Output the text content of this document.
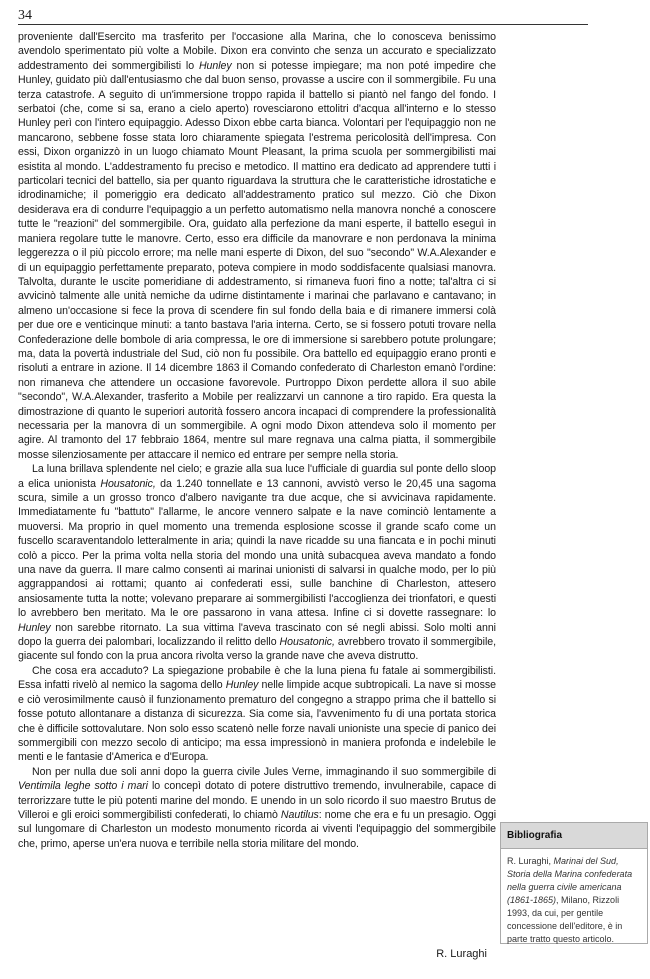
34

proveniente dall'Esercito ma trasferito per l'occasione alla Marina, che lo conosceva benissimo avendolo sperimentato più volte a Mobile. Dixon era convinto che senza un accurato e specializzato addestramento dei sommergibilisti lo Hunley non si potesse impiegare; ma non poté impedire che Hunley, guidato più dall'entusiasmo che dal buon senso, provasse a uscire con il sommergibile. Fu una terza catastrofe. A seguito di un'immersione troppo rapida il battello si piantò nel fango del fondo. I serbatoi (che, come si sa, erano a cielo aperto) rovesciarono ettolitri d'acqua all'interno e lo stesso Hunley perì con l'intero equipaggio. Adesso Dixon ebbe carta bianca. Volontari per l'equipaggio non ne mancarono, sebbene fosse stata loro chiaramente spiegata l'estrema pericolosità dell'impresa. Con essi, Dixon organizzò in un luogo chiamato Mount Pleasant, la prima scuola per sommergibilisti mai esistita al mondo. L'addestramento fu preciso e metodico. Il mattino era dedicato ad apprendere tutti i particolari tecnici del battello, sia per quanto riguardava la struttura che le caratteristiche idrostatiche e idrodinamiche; il pomeriggio era dedicato all'addestramento pratico sul mezzo. Ciò che Dixon desiderava era di condurre l'equipaggio a un perfetto automatismo nella manovra nonché a conoscere tutte le "reazioni" del sommergibile. Ora, guidato alla perfezione da mani esperte, il battello eseguì in maniera regolare tutte le manovre. Certo, esso era difficile da manovrare e non perdonava la minima leggerezza o il più piccolo errore; ma nelle mani esperte di Dixon, del suo "secondo" W.A.Alexander e di un equipaggio perfettamente preparato, poteva compiere in modo soddisfacente qualsiasi manovra. Talvolta, durante le uscite pomeridiane di addestramento, si rimaneva fuori fino a notte; tal'altra ci si avvicinò talmente alle unità nemiche da udirne distintamente i marinai che parlavano e cantavano; in almeno un'occasione si fece la prova di scendere fin sul fondo della baia e di rimanere immersi colà per due ore e venticinque minuti: a tanto bastava l'aria interna. Certo, se si fossero potuti trovare nella Confederazione delle bombole di aria compressa, le ore di immersione si sarebbero potute prolungare; ma, data la povertà industriale del Sud, ciò non fu possibile. Ora battello ed equipaggio erano pronti e risoluti a entrare in azione. Il 14 dicembre 1863 il Comando confederato di Charleston emanò l'ordine: non rimaneva che attendere un occasione favorevole. Purtroppo Dixon perdette allora il suo abile "secondo", W.A.Alexander, trasferito a Mobile per realizzarvi un cannone a tiro rapido. Era questa la dimostrazione di quanto le superiori autorità fossero ancora incapaci di comprendere la professionalità necessaria per la manovra di un sommergibile. A ogni modo Dixon attendeva solo il momento per agire. Al tramonto del 17 febbraio 1864, mentre sul mare regnava una calma piatta, il sommergibile mosse silenziosamente per attaccare il nemico ed entrare per sempre nella storia.

La luna brillava splendente nel cielo; e grazie alla sua luce l'ufficiale di guardia sul ponte dello sloop a elica unionista Housatonic, da 1.240 tonnellate e 13 cannoni, avvistò verso le 20,45 una sagoma scura, simile a un grosso tronco d'albero navigante tra due acque, che si avvicinava rapidamente. Immediatamente fu "battuto" l'allarme, le ancore vennero salpate e la nave cominciò lentamente a muoversi. Ma proprio in quel momento una tremenda esplosione scosse il grande scafo come un fuscello scaraventandolo letteralmente in aria; quindi la nave ricadde su una fiancata e in pochi minuti colò a picco. Per la prima volta nella storia del mondo una unità subacquea aveva mandato a fondo una nave da guerra. Il mare calmo consentì ai marinai unionisti di salvarsi in qualche modo, per lo più aggrappandosi ai rottami; quanto ai confederati essi, sulle banchine di Charleston, attesero ansiosamente tutta la notte; volevano preparare ai sommergibilisti l'accoglienza dei trionfatori, e questi lo avrebbero ben meritato. Ma le ore passarono in vana attesa. Infine ci si dovette rassegnare: lo Hunley non sarebbe ritornato. La sua vittima l'aveva trascinato con sé negli abissi. Solo molti anni dopo la guerra dei palombari, localizzando il relitto dello Housatonic, avrebbero trovato il sommergibile, giacente sul fondo con la prua ancora rivolta verso la grande nave che aveva distrutto.

Che cosa era accaduto? La spiegazione probabile è che la luna piena fu fatale ai sommergibilisti. Essa infatti rivelò al nemico la sagoma dello Hunley nelle limpide acque subtropicali. La nave si mosse e ciò verosimilmente causò il funzionamento prematuro del congegno a strappo prima che il battello si fosse potuto allontanare a distanza di sicurezza. Sia come sia, l'avvenimento fu di una portata storica che è difficile sottovalutare. Non solo esso scatenò nelle forze navali unioniste una specie di panico dei sommergibili con mezzo secolo di anticipo; ma essa impressionò in maniera profonda e indelebile le menti e le fantasie d'America e d'Europa.

Non per nulla due soli anni dopo la guerra civile Jules Verne, immaginando il suo sommergibile di Ventimila leghe sotto i mari lo concepì dotato di potere distruttivo tremendo, invulnerabile, capace di terrorizzare tutte le più potenti marine del mondo. E unendo in un solo ricordo il suo maestro Brutus de Villeroi e gli eroici sommergibilisti confederati, lo chiamò Nautilus: nome che era e fu un presagio. Oggi sul lungomare di Charleston un modesto monumento ricorda ai viventi l'equipaggio del sommergibile che, primo, aperse un'era nuova e terribile nella storia militare del mondo.

R. Luraghi
Bibliografia
R. Luraghi, Marinai del Sud, Storia della Marina confederata nella guerra civile americana (1861-1865), Milano, Rizzoli 1993, da cui, per gentile concessione dell'editore, è in parte tratto questo articolo.
